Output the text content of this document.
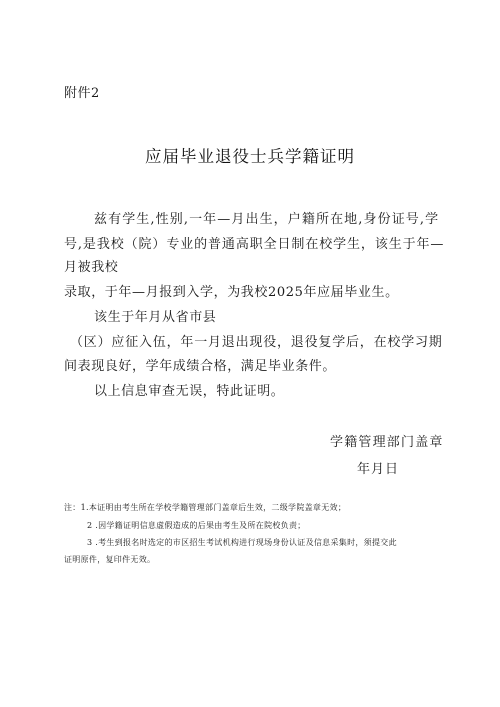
附件2
应届毕业退役士兵学籍证明
兹有学生,性别,一年—月出生，户籍所在地,身份证号,学
号,是我校（院）专业的普通高职全日制在校学生，该生于年—
月被我校
录取，于年—月报到入学，为我校2025年应届毕业生。
该生于年月从省市县
（区）应征入伍，年一月退出现役，退役复学后，在校学习期
间表现良好，学年成绩合格，满足毕业条件。
以上信息审查无误，特此证明。
学籍管理部门盖章
年月日
注：1.本证明由考生所在学校学籍管理部门盖章后生效，二级学院盖章无效；
2 .因学籍证明信息虚假造成的后果由考生及所在院校负责；
3 .考生到报名时选定的市区招生考试机构进行现场身份认证及信息采集时，须提交此
证明原件，复印件无效。
